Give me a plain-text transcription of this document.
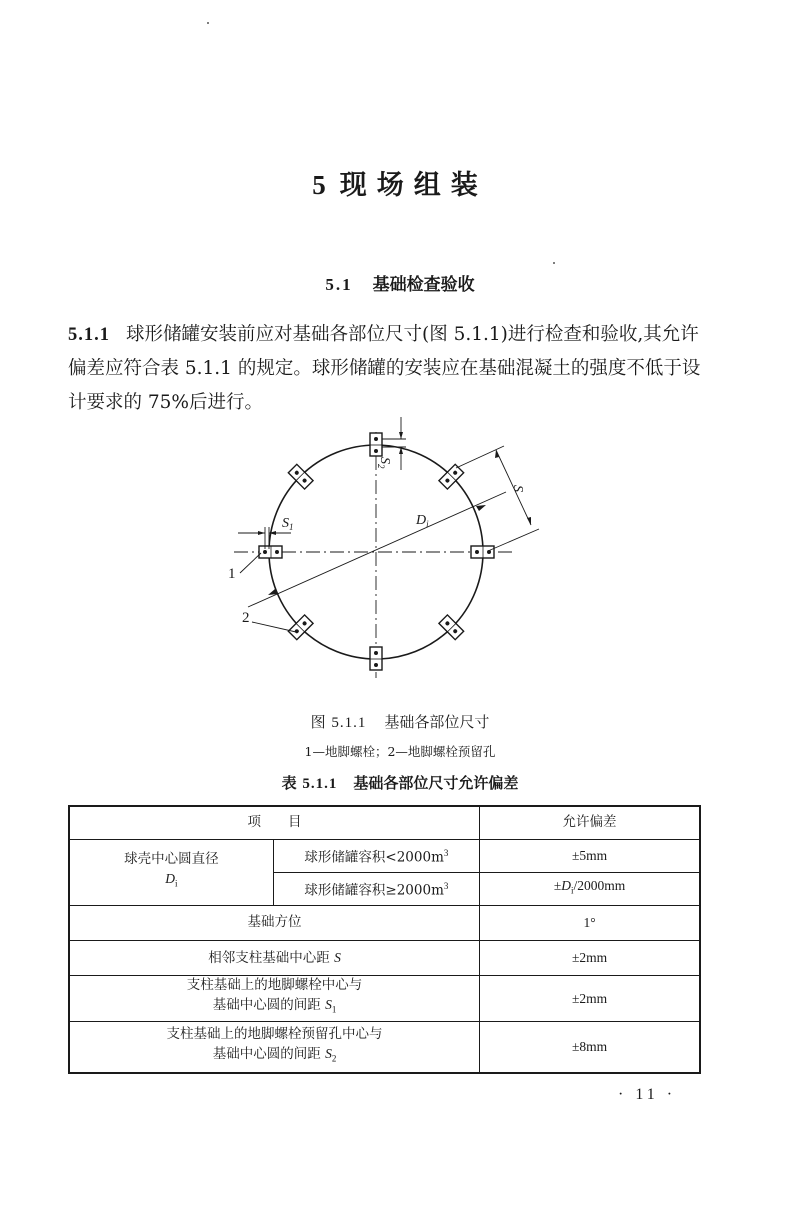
5 现场组装
5.1 基础检查验收
5.1.1 球形储罐安装前应对基础各部位尺寸(图 5.1.1)进行检查和验收,其允许偏差应符合表 5.1.1 的规定。球形储罐的安装应在基础混凝土的强度不低于设计要求的 75%后进行。
$S_1$	$D_i$
$S_2$
S
1
2
图 5.1.1 基础各部位尺寸
1—地脚螺栓；2—地脚螺栓预留孔
表 5.1.1 基础各部位尺寸允许偏差
项　　目		允许偏差

球壳中心圆直径
$D_i$	球形储罐容积$<2000m^3$	±5mm
	球形储罐容积$\ge 2000m^3$	$\pm D_i/2000mm$
基础方位		1°
相邻支柱基础中心距 S		±2mm

支柱基础上的地脚螺栓中心与
基础中心圆的间距 $S_1$		±2mm

支柱基础上的地脚螺栓预留孔中心与
基础中心圆的间距 $S_2$		±8mm
· 11 ·
